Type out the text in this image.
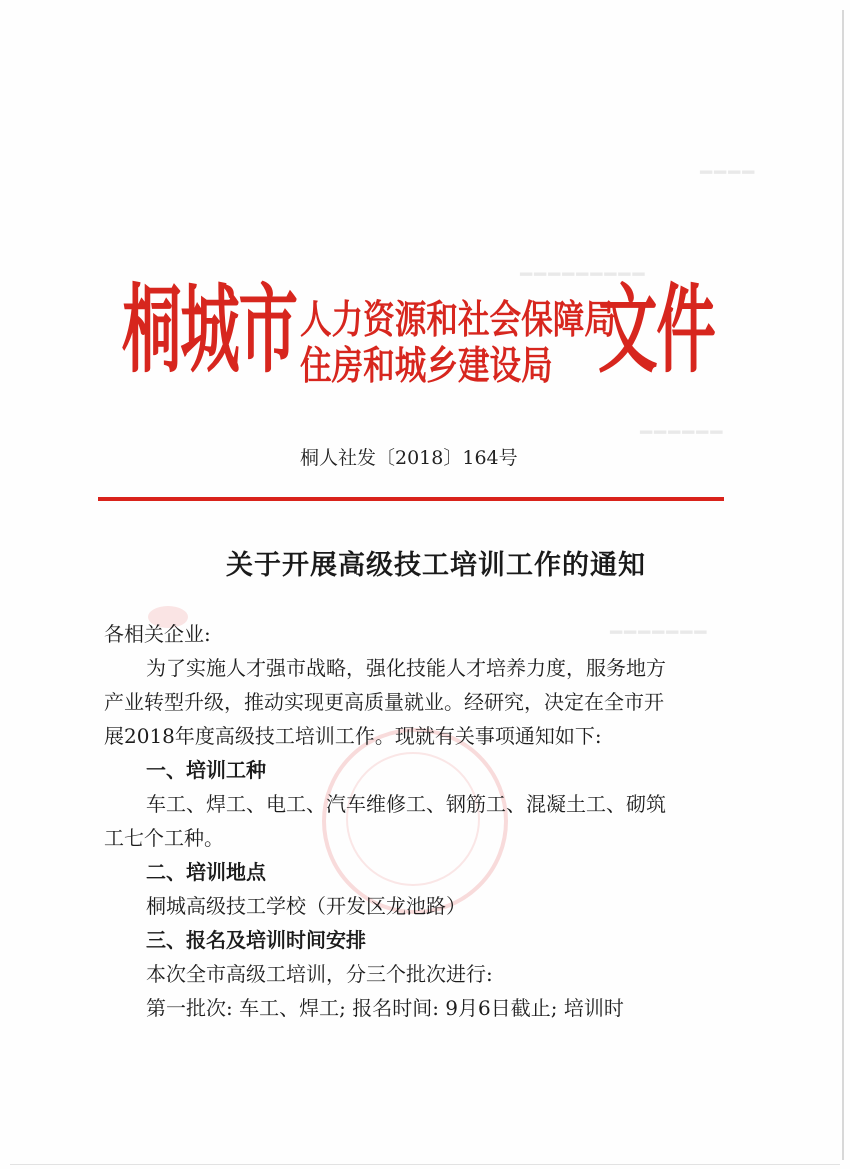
━━━━
━━━━━━━━━
━━━━━━
━━━━━━━
桐城市 人力资源和社会保障局
住房和城乡建设局 文件
桐人社发〔2018〕164号
关于开展高级技工培训工作的通知
各相关企业:
为了实施人才强市战略，强化技能人才培养力度，服务地方
产业转型升级，推动实现更高质量就业。经研究，决定在全市开
展2018年度高级技工培训工作。现就有关事项通知如下:
一、培训工种
车工、焊工、电工、汽车维修工、钢筋工、混凝土工、砌筑
工七个工种。
二、培训地点
桐城高级技工学校（开发区龙池路）
三、报名及培训时间安排
本次全市高级工培训，分三个批次进行:
第一批次: 车工、焊工; 报名时间: 9月6日截止; 培训时
